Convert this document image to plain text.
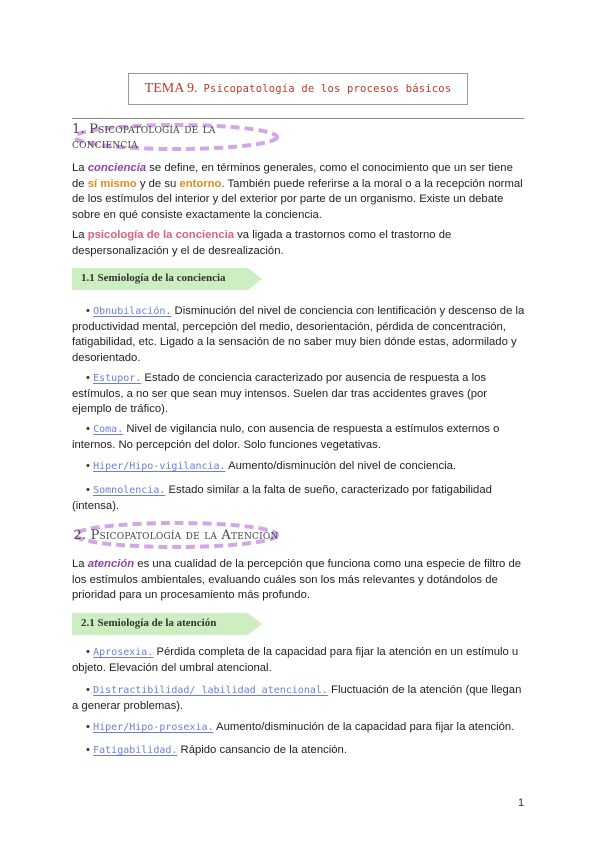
TEMA 9. Psicopatología de los procesos básicos
1. Psicopatología de la conciencia

La conciencia se define, en términos generales, como el conocimiento que un ser tiene de sí mismo y de su entorno. También puede referirse a la moral o a la recepción normal de los estímulos del interior y del exterior por parte de un organismo. Existe un debate sobre en qué consiste exactamente la conciencia.

La psicología de la conciencia va ligada a trastornos como el trastorno de despersonalización y el de desrealización.

1.1 Semiología de la conciencia

• Obnubilación. Disminución del nivel de conciencia con lentificación y descenso de la productividad mental, percepción del medio, desorientación, pérdida de concentración, fatigabilidad, etc. Ligado a la sensación de no saber muy bien dónde estas, adormilado y desorientado.

• Estupor. Estado de conciencia caracterizado por ausencia de respuesta a los estímulos, a no ser que sean muy intensos. Suelen dar tras accidentes graves (por ejemplo de tráfico).

• Coma. Nivel de vigilancia nulo, con ausencia de respuesta a estímulos externos o internos. No percepción del dolor. Solo funciones vegetativas.

• Hiper/Hipo-vigilancia. Aumento/disminución del nivel de conciencia.

• Somnolencia. Estado similar a la falta de sueño, caracterizado por fatigabilidad (intensa).

2. Psicopatología de la Atención

La atención es una cualidad de la percepción que funciona como una especie de filtro de los estímulos ambientales, evaluando cuáles son los más relevantes y dotándolos de prioridad para un procesamiento más profundo.

2.1 Semiología de la atención

• Aprosexia. Pérdida completa de la capacidad para fijar la atención en un estímulo u objeto. Elevación del umbral atencional.

• Distractibilidad/ labilidad atencional. Fluctuación de la atención (que llegan a generar problemas).

• Hiper/Hipo-prosexia. Aumento/disminución de la capacidad para fijar la atención.

• Fatigabilidad. Rápido cansancio de la atención.

1
